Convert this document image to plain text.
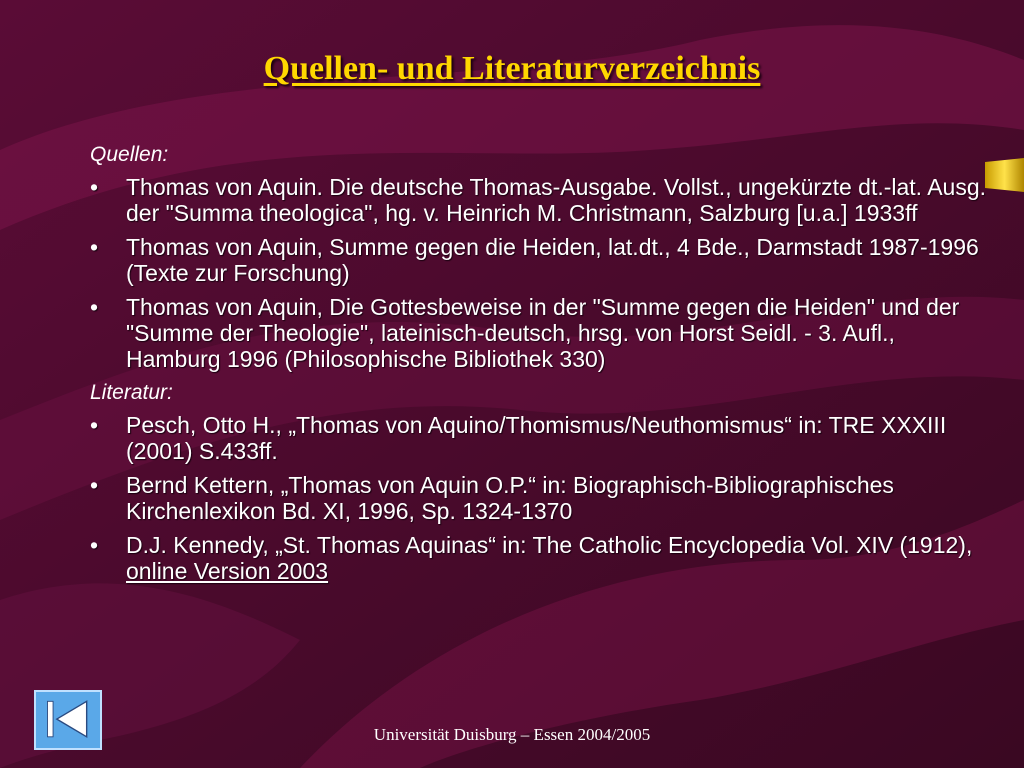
Quellen- und Literaturverzeichnis
Quellen:
• Thomas von Aquin. Die deutsche Thomas-Ausgabe. Vollst., ungekürzte dt.-lat. Ausg. der "Summa theologica", hg. v. Heinrich M. Christmann, Salzburg [u.a.] 1933ff
• Thomas von Aquin, Summe gegen die Heiden, lat.dt., 4 Bde., Darmstadt 1987-1996 (Texte zur Forschung)
• Thomas von Aquin, Die Gottesbeweise in der "Summe gegen die Heiden" und der "Summe der Theologie", lateinisch-deutsch, hrsg. von Horst Seidl. - 3. Aufl., Hamburg 1996 (Philosophische Bibliothek 330)
Literatur:
• Pesch, Otto H., „Thomas von Aquino/Thomismus/Neuthomismus“ in: TRE XXXIII (2001) S.433ff.
• Bernd Kettern, „Thomas von Aquin O.P.“ in: Biographisch-Bibliographisches Kirchenlexikon Bd. XI, 1996, Sp. 1324-1370
• D.J. Kennedy, „St. Thomas Aquinas“ in: The Catholic Encyclopedia Vol. XIV (1912), online Version 2003
Universität Duisburg – Essen 2004/2005
